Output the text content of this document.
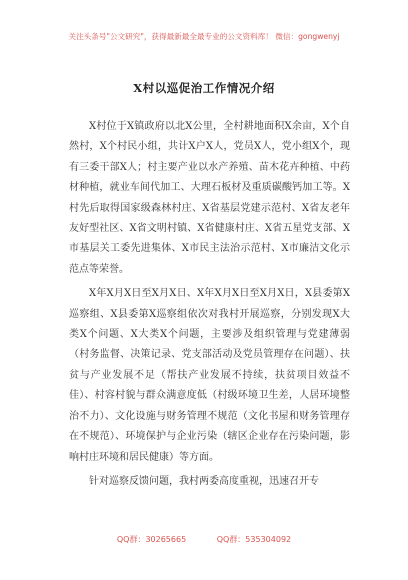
关注头条号"公文研究"，获得最新最全最专业的公文资料库！ 微信：gongwenyj
X村以巡促治工作情况介绍

X村位于X镇政府以北X公里，全村耕地面积X余亩，X个自然村，X个村民小组，共计X户X人，党员X人，党小组X个，现有三委干部X人；村主要产业以水产养殖、苗木花卉种植、中药材种植，就业车间代加工、大理石板材及重质碳酸钙加工等。X村先后取得国家级森林村庄、X省基层党建示范村、X省友老年友好型社区、X省文明村镇、X省健康村庄、X省五星党支部、X市基层关工委先进集体、X市民主法治示范村、X市廉洁文化示范点等荣誉。

X年X月X日至X月X日、X年X月X日至X月X日，X县委第X巡察组、X县委第X巡察组依次对我村开展巡察，分别发现X大类X个问题、X大类X个问题，主要涉及组织管理与党建薄弱（村务监督、决策记录、党支部活动及党员管理存在问题）、扶贫与产业发展不足（帮扶产业发展不持续，扶贫项目效益不佳）、村容村貌与群众满意度低（村级环境卫生差，人居环境整治不力）、文化设施与财务管理不规范（文化书屋和财务管理存在不规范）、环境保护与企业污染（辖区企业存在污染问题，影响村庄环境和居民健康）等方面。

针对巡察反馈问题，我村两委高度重视，迅速召开专

QQ群：30265665	QQ群：535304092
